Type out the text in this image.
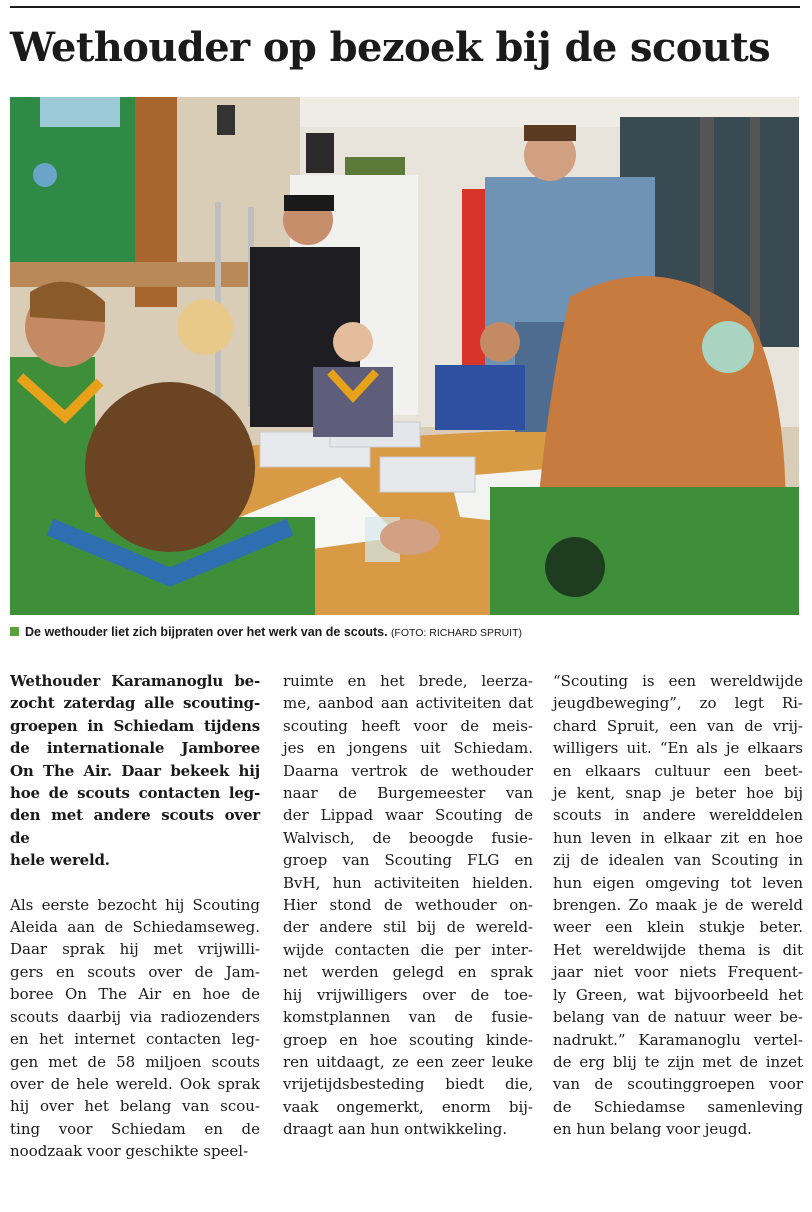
Wethouder op bezoek bij de scouts
De wethouder liet zich bijpraten over het werk van de scouts. (FOTO: RICHARD SPRUIT)

Wethouder Karamanoglu be-

zocht zaterdag alle scouting-

groepen in Schiedam tijdens

de internationale Jamboree

On The Air. Daar bekeek hij

hoe de scouts contacten leg-

den met andere scouts over de

hele wereld.

Als eerste bezocht hij Scouting

Aleida aan de Schiedamseweg.

Daar sprak hij met vrijwilli-

gers en scouts over de Jam-

boree On The Air en hoe de

scouts daarbij via radiozenders

en het internet contacten leg-

gen met de 58 miljoen scouts

over de hele wereld. Ook sprak

hij over het belang van scou-

ting voor Schiedam en de

noodzaak voor geschikte speel-

ruimte en het brede, leerza-

me, aanbod aan activiteiten dat

scouting heeft voor de meis-

jes en jongens uit Schiedam.

Daarna vertrok de wethouder

naar de Burgemeester van

der Lippad waar Scouting de

Walvisch, de beoogde fusie-

groep van Scouting FLG en

BvH, hun activiteiten hielden.

Hier stond de wethouder on-

der andere stil bij de wereld-

wijde contacten die per inter-

net werden gelegd en sprak

hij vrijwilligers over de toe-

komstplannen van de fusie-

groep en hoe scouting kinde-

ren uitdaagt, ze een zeer leuke

vrijetijdsbesteding biedt die,

vaak ongemerkt, enorm bij-

draagt aan hun ontwikkeling.

“Scouting is een wereldwijde

jeugdbeweging”, zo legt Ri-

chard Spruit, een van de vrij-

willigers uit. “En als je elkaars

en elkaars cultuur een beet-

je kent, snap je beter hoe bij

scouts in andere werelddelen

hun leven in elkaar zit en hoe

zij de idealen van Scouting in

hun eigen omgeving tot leven

brengen. Zo maak je de wereld

weer een klein stukje beter.

Het wereldwijde thema is dit

jaar niet voor niets Frequent-

ly Green, wat bijvoorbeeld het

belang van de natuur weer be-

nadrukt.” Karamanoglu vertel-

de erg blij te zijn met de inzet

van de scoutinggroepen voor

de Schiedamse samenleving

en hun belang voor jeugd.
